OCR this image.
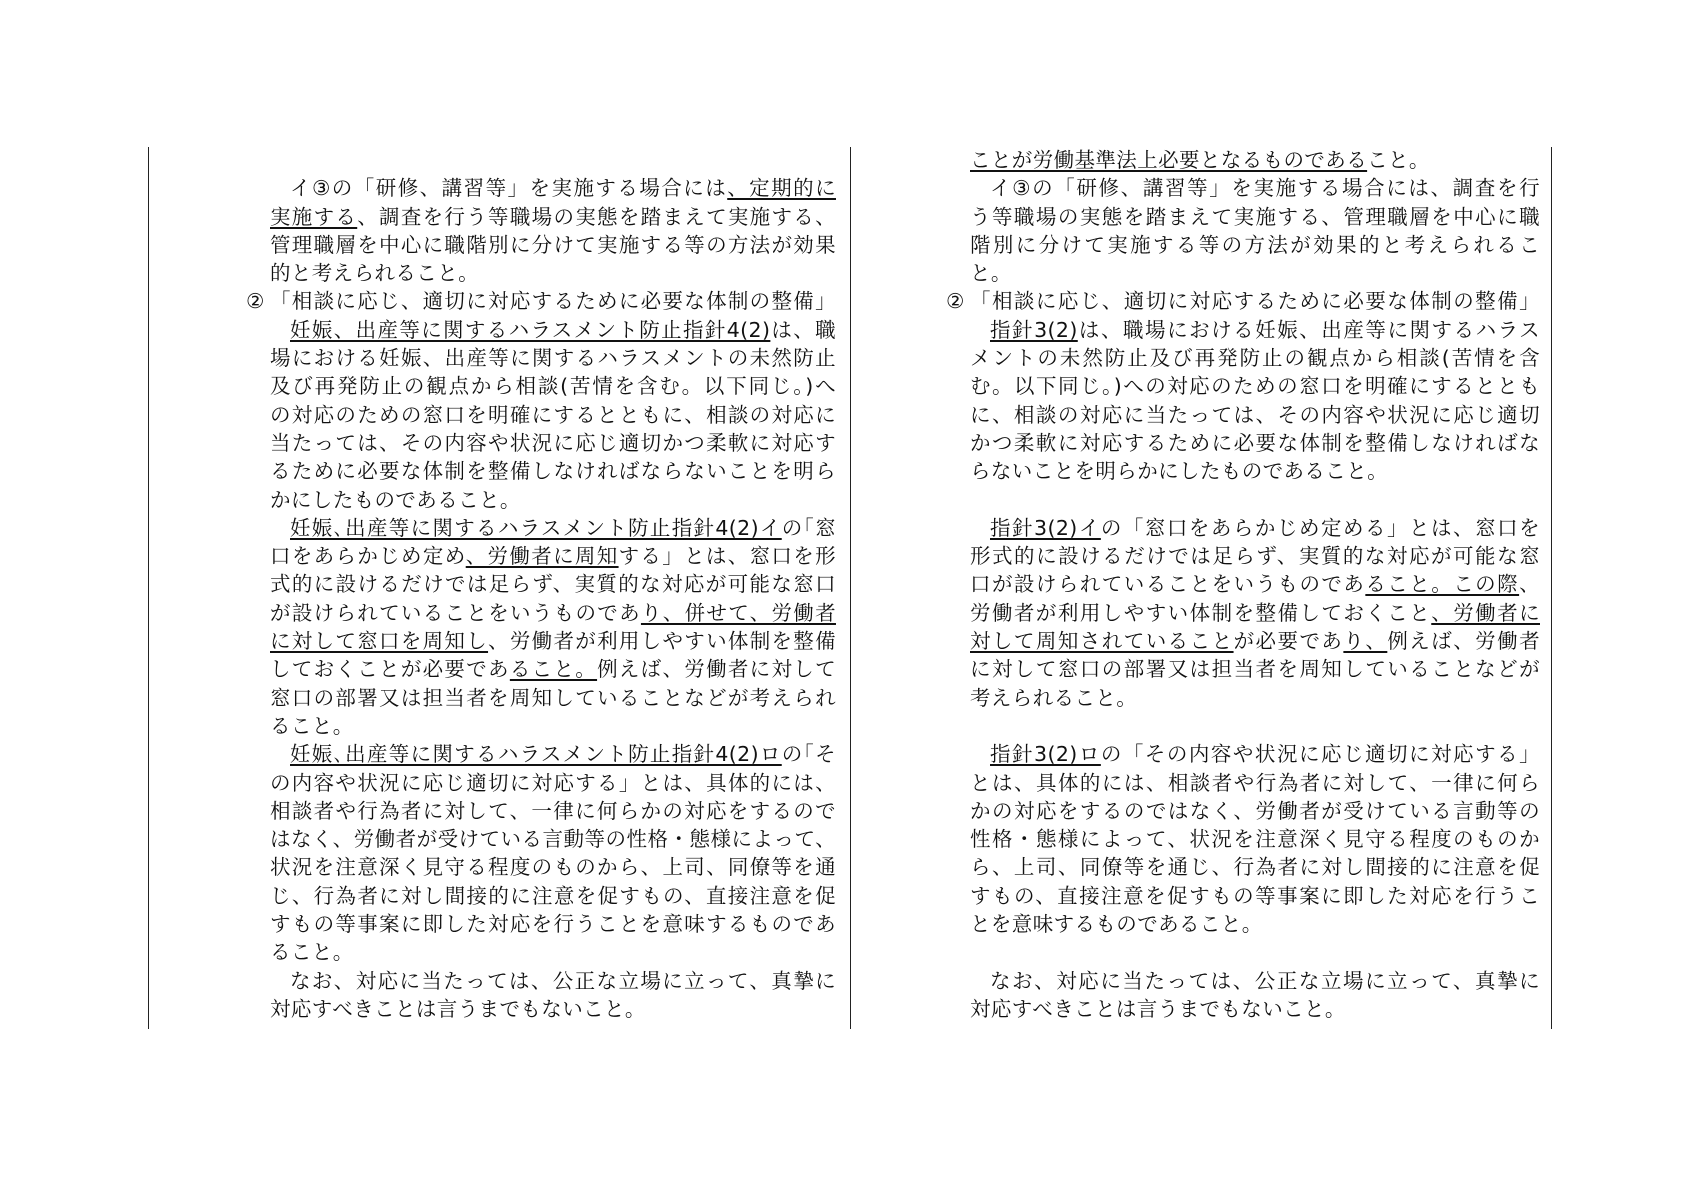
イ③の「研修、講習等」を実施する場合には、定期的に
実施する、調査を行う等職場の実態を踏まえて実施する、
管理職層を中心に職階別に分けて実施する等の方法が効果
的と考えられること。
② 「相談に応じ、適切に対応するために必要な体制の整備」
妊娠、出産等に関するハラスメント防止指針4(2)は、職
場における妊娠、出産等に関するハラスメントの未然防止
及び再発防止の観点から相談(苦情を含む。以下同じ。)へ
の対応のための窓口を明確にするとともに、相談の対応に
当たっては、その内容や状況に応じ適切かつ柔軟に対応す
るために必要な体制を整備しなければならないことを明ら
かにしたものであること。
妊娠､出産等に関するハラスメント防止指針4(2)イの｢窓
口をあらかじめ定め、労働者に周知する」とは、窓口を形
式的に設けるだけでは足らず、実質的な対応が可能な窓口
が設けられていることをいうものであり、併せて、労働者
に対して窓口を周知し、労働者が利用しやすい体制を整備
しておくことが必要であること。例えば、労働者に対して
窓口の部署又は担当者を周知していることなどが考えられ
ること。
妊娠､出産等に関するハラスメント防止指針4(2)ロの｢そ
の内容や状況に応じ適切に対応する」とは、具体的には、
相談者や行為者に対して、一律に何らかの対応をするので
はなく、労働者が受けている言動等の性格・態様によって、
状況を注意深く見守る程度のものから、上司、同僚等を通
じ、行為者に対し間接的に注意を促すもの、直接注意を促
すもの等事案に即した対応を行うことを意味するものであ
ること。
なお、対応に当たっては、公正な立場に立って、真摯に
対応すべきことは言うまでもないこと。
ことが労働基準法上必要となるものであること。
イ③の「研修、講習等」を実施する場合には、調査を行
う等職場の実態を踏まえて実施する、管理職層を中心に職
階別に分けて実施する等の方法が効果的と考えられるこ
と。
② 「相談に応じ、適切に対応するために必要な体制の整備」
指針3(2)は、職場における妊娠、出産等に関するハラス
メントの未然防止及び再発防止の観点から相談(苦情を含
む。以下同じ。)への対応のための窓口を明確にするととも
に、相談の対応に当たっては、その内容や状況に応じ適切
かつ柔軟に対応するために必要な体制を整備しなければな
らないことを明らかにしたものであること。
指針3(2)イの「窓口をあらかじめ定める」とは、窓口を
形式的に設けるだけでは足らず、実質的な対応が可能な窓
口が設けられていることをいうものであること。この際、
労働者が利用しやすい体制を整備しておくこと、労働者に
対して周知されていることが必要であり、例えば、労働者
に対して窓口の部署又は担当者を周知していることなどが
考えられること。
指針3(2)ロの「その内容や状況に応じ適切に対応する」
とは、具体的には、相談者や行為者に対して、一律に何ら
かの対応をするのではなく、労働者が受けている言動等の
性格・態様によって、状況を注意深く見守る程度のものか
ら、上司、同僚等を通じ、行為者に対し間接的に注意を促
すもの、直接注意を促すもの等事案に即した対応を行うこ
とを意味するものであること。
なお、対応に当たっては、公正な立場に立って、真摯に
対応すべきことは言うまでもないこと。
